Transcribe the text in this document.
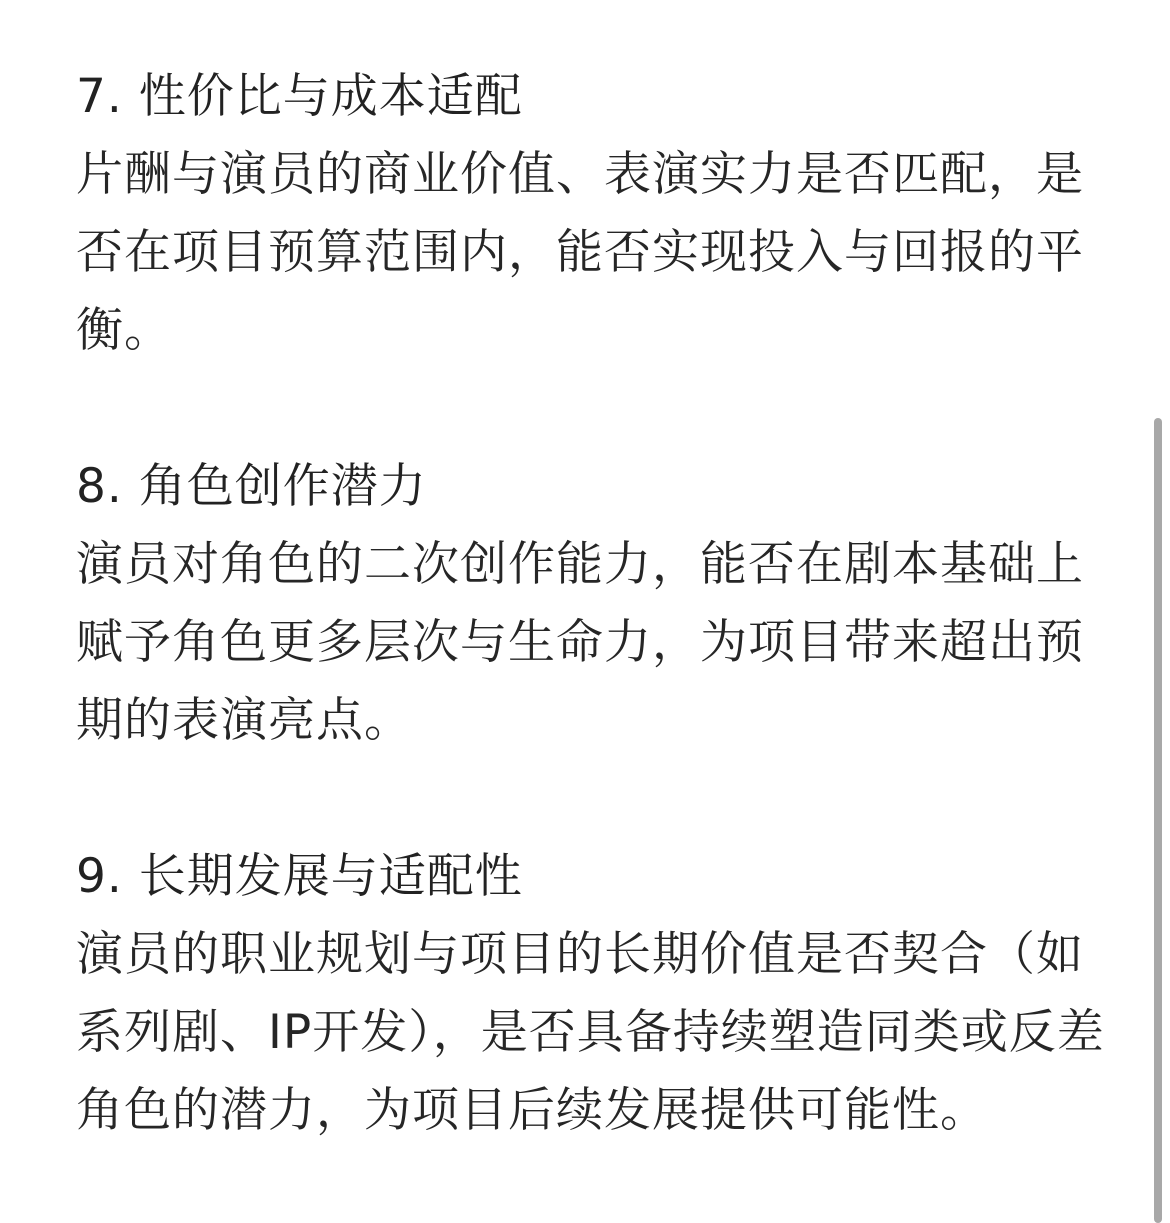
7. 性价比与成本适配

片酬与演员的商业价值、表演实力是否匹配，是否在项目预算范围内，能否实现投入与回报的平衡。

8. 角色创作潜力

演员对角色的二次创作能力，能否在剧本基础上赋予角色更多层次与生命力，为项目带来超出预期的表演亮点。

9. 长期发展与适配性

演员的职业规划与项目的长期价值是否契合（如系列剧、IP开发），是否具备持续塑造同类或反差角色的潜力，为项目后续发展提供可能性。
